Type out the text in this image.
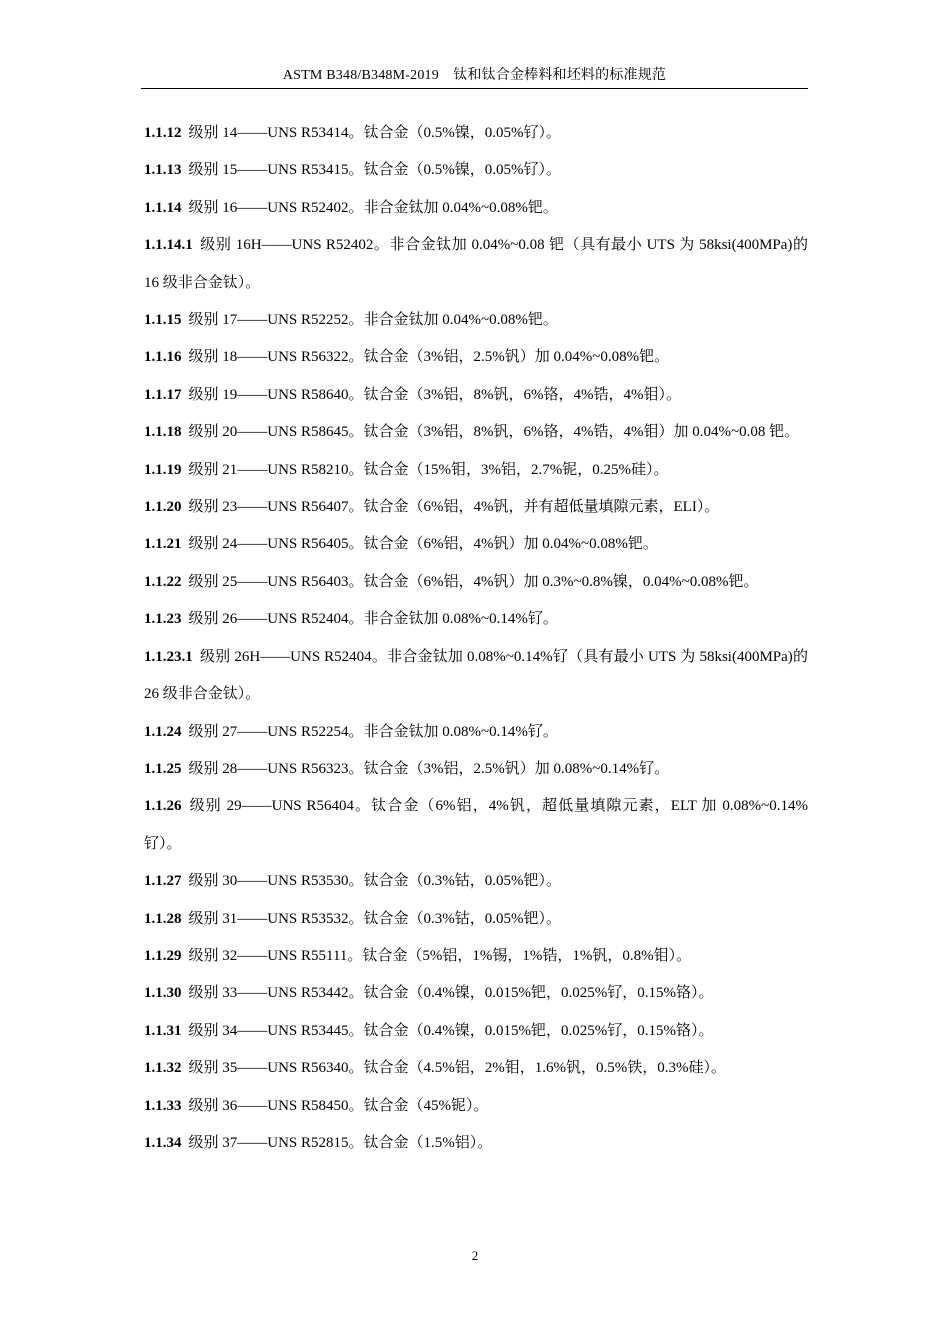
ASTM B348/B348M-2019　钛和钛合金棒料和坯料的标准规范

1.1.12 级别 14——UNS R53414。钛合金（0.5%镍，0.05%钌）。

1.1.13 级别 15——UNS R53415。钛合金（0.5%镍，0.05%钌）。

1.1.14 级别 16——UNS R52402。非合金钛加 0.04%~0.08%钯。

1.1.14.1 级别 16H——UNS R52402。非合金钛加 0.04%~0.08 钯（具有最小 UTS 为 58ksi(400MPa)的 16 级非合金钛）。

1.1.15 级别 17——UNS R52252。非合金钛加 0.04%~0.08%钯。

1.1.16 级别 18——UNS R56322。钛合金（3%铝，2.5%钒）加 0.04%~0.08%钯。

1.1.17 级别 19——UNS R58640。钛合金（3%铝，8%钒，6%铬，4%锆，4%钼）。

1.1.18 级别 20——UNS R58645。钛合金（3%铝，8%钒，6%铬，4%锆，4%钼）加 0.04%~0.08 钯。

1.1.19 级别 21——UNS R58210。钛合金（15%钼，3%铝，2.7%铌，0.25%硅）。

1.1.20 级别 23——UNS R56407。钛合金（6%铝，4%钒，并有超低量填隙元素，ELI）。

1.1.21 级别 24——UNS R56405。钛合金（6%铝，4%钒）加 0.04%~0.08%钯。

1.1.22 级别 25——UNS R56403。钛合金（6%铝，4%钒）加 0.3%~0.8%镍，0.04%~0.08%钯。

1.1.23 级别 26——UNS R52404。非合金钛加 0.08%~0.14%钌。

1.1.23.1 级别 26H——UNS R52404。非合金钛加 0.08%~0.14%钌（具有最小 UTS 为 58ksi(400MPa)的 26 级非合金钛）。

1.1.24 级别 27——UNS R52254。非合金钛加 0.08%~0.14%钌。

1.1.25 级别 28——UNS R56323。钛合金（3%铝，2.5%钒）加 0.08%~0.14%钌。

1.1.26 级别 29——UNS R56404。钛合金（6%铝，4%钒，超低量填隙元素，ELT 加 0.08%~0.14% 钌）。

1.1.27 级别 30——UNS R53530。钛合金（0.3%钴，0.05%钯）。

1.1.28 级别 31——UNS R53532。钛合金（0.3%钴，0.05%钯）。

1.1.29 级别 32——UNS R55111。钛合金（5%铝，1%锡，1%锆，1%钒，0.8%钼）。

1.1.30 级别 33——UNS R53442。钛合金（0.4%镍，0.015%钯，0.025%钌，0.15%铬）。

1.1.31 级别 34——UNS R53445。钛合金（0.4%镍，0.015%钯，0.025%钌，0.15%铬）。

1.1.32 级别 35——UNS R56340。钛合金（4.5%铝，2%钼，1.6%钒，0.5%铁，0.3%硅）。

1.1.33 级别 36——UNS R58450。钛合金（45%铌）。

1.1.34 级别 37——UNS R52815。钛合金（1.5%铝）。

2
